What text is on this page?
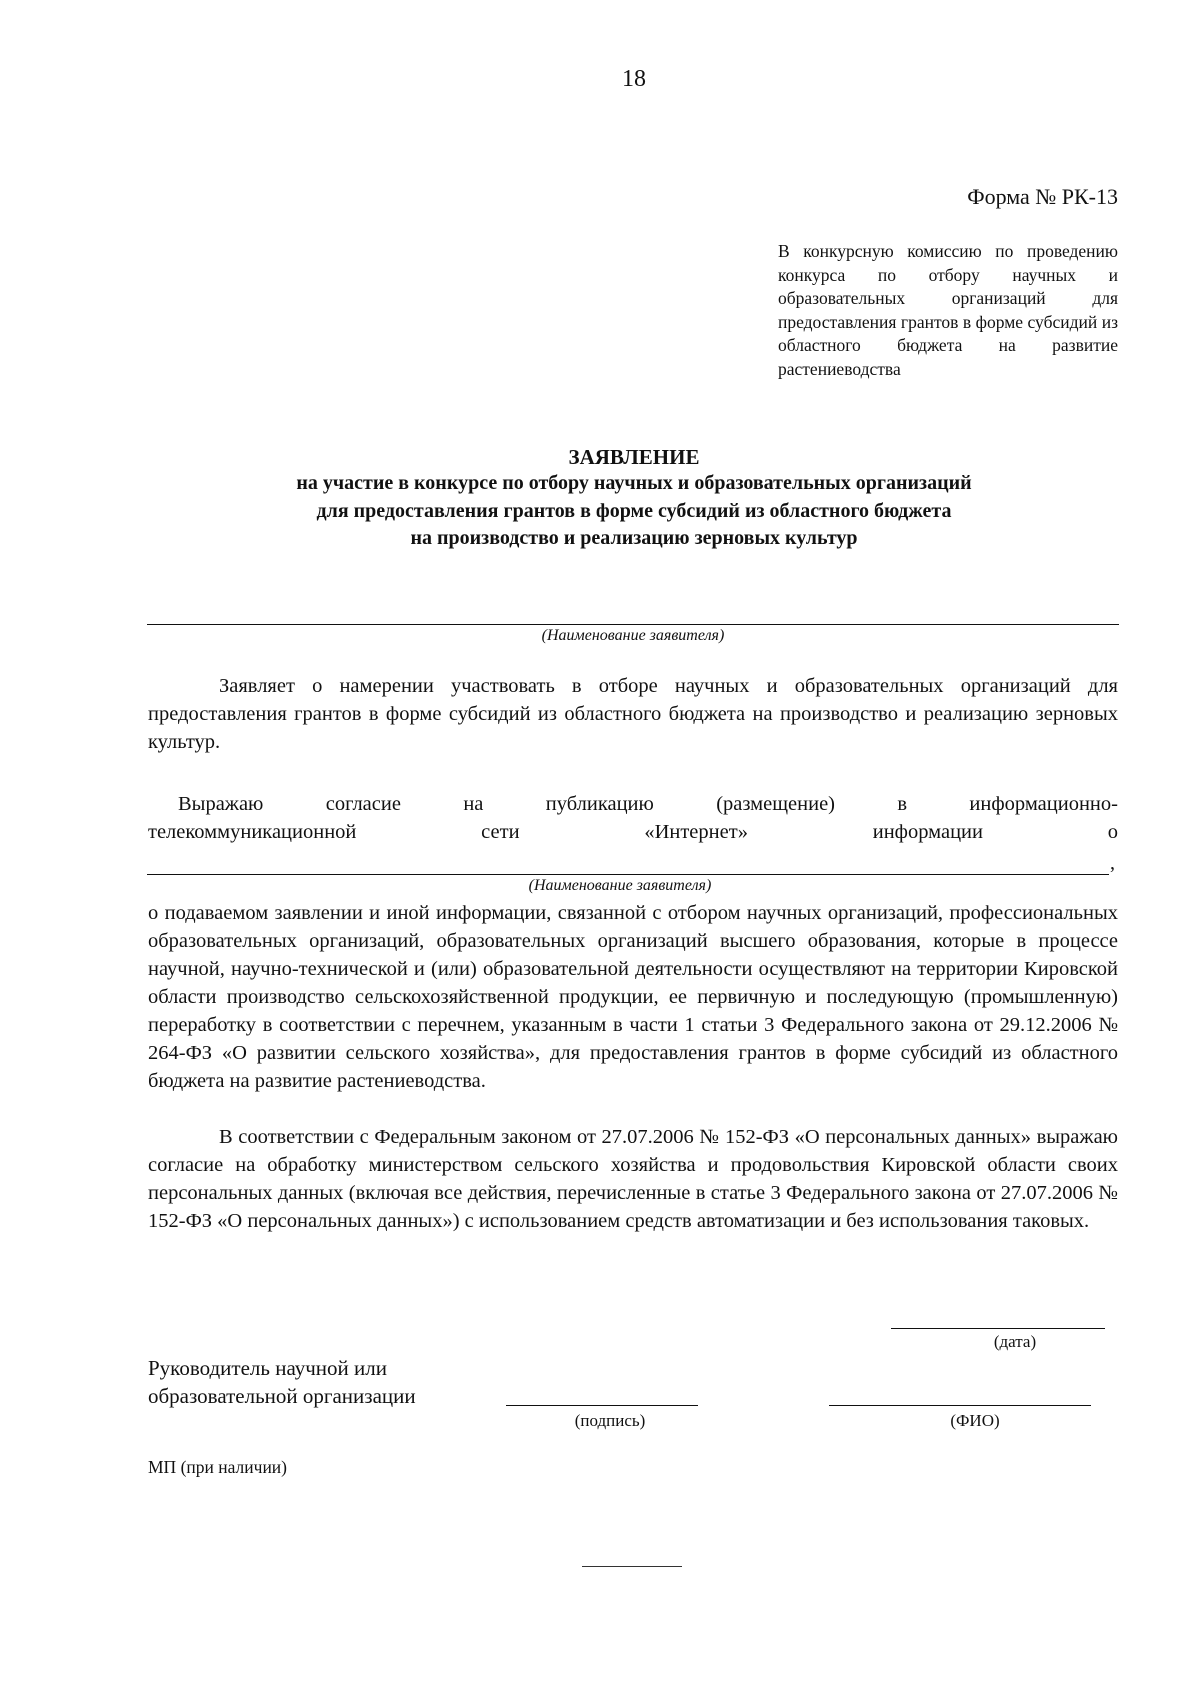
18
Форма № РК-13
В конкурсную комиссию по проведению конкурса по отбору научных и образовательных организаций для предоставления грантов в форме субсидий из областного бюджета на развитие растениеводства
ЗАЯВЛЕНИЕ
на участие в конкурсе по отбору научных и образовательных организаций
для предоставления грантов в форме субсидий из областного бюджета
на производство и реализацию зерновых культур
(Наименование заявителя)
Заявляет о намерении участвовать в отборе научных и образовательных организаций для предоставления грантов в форме субсидий из областного бюджета на производство и реализацию зерновых культур.
Выражаю	согласие	на	публикацию	(размещение)	в	информационно-
телекоммуникационной	сети	«Интернет»	информации	о
,
(Наименование заявителя)
о подаваемом заявлении и иной информации, связанной с отбором научных организаций, профессиональных образовательных организаций, образовательных организаций высшего образования, которые в процессе научной, научно-технической и (или) образовательной деятельности осуществляют на территории Кировской области производство сельскохозяйственной продукции, ее первичную и последующую (промышленную) переработку в соответствии с перечнем, указанным в части 1 статьи 3 Федерального закона от 29.12.2006 № 264-ФЗ «О развитии сельского хозяйства», для предоставления грантов в форме субсидий из областного бюджета на развитие растениеводства.
В соответствии с Федеральным законом от 27.07.2006 № 152-ФЗ «О персональных данных» выражаю согласие на обработку министерством сельского хозяйства и продовольствия Кировской области своих персональных данных (включая все действия, перечисленные в статье 3 Федерального закона от 27.07.2006 № 152-ФЗ «О персональных данных») с использованием средств автоматизации и без использования таковых.
(дата)
Руководитель научной или
образовательной организации
(подпись)	(ФИО)
МП (при наличии)
